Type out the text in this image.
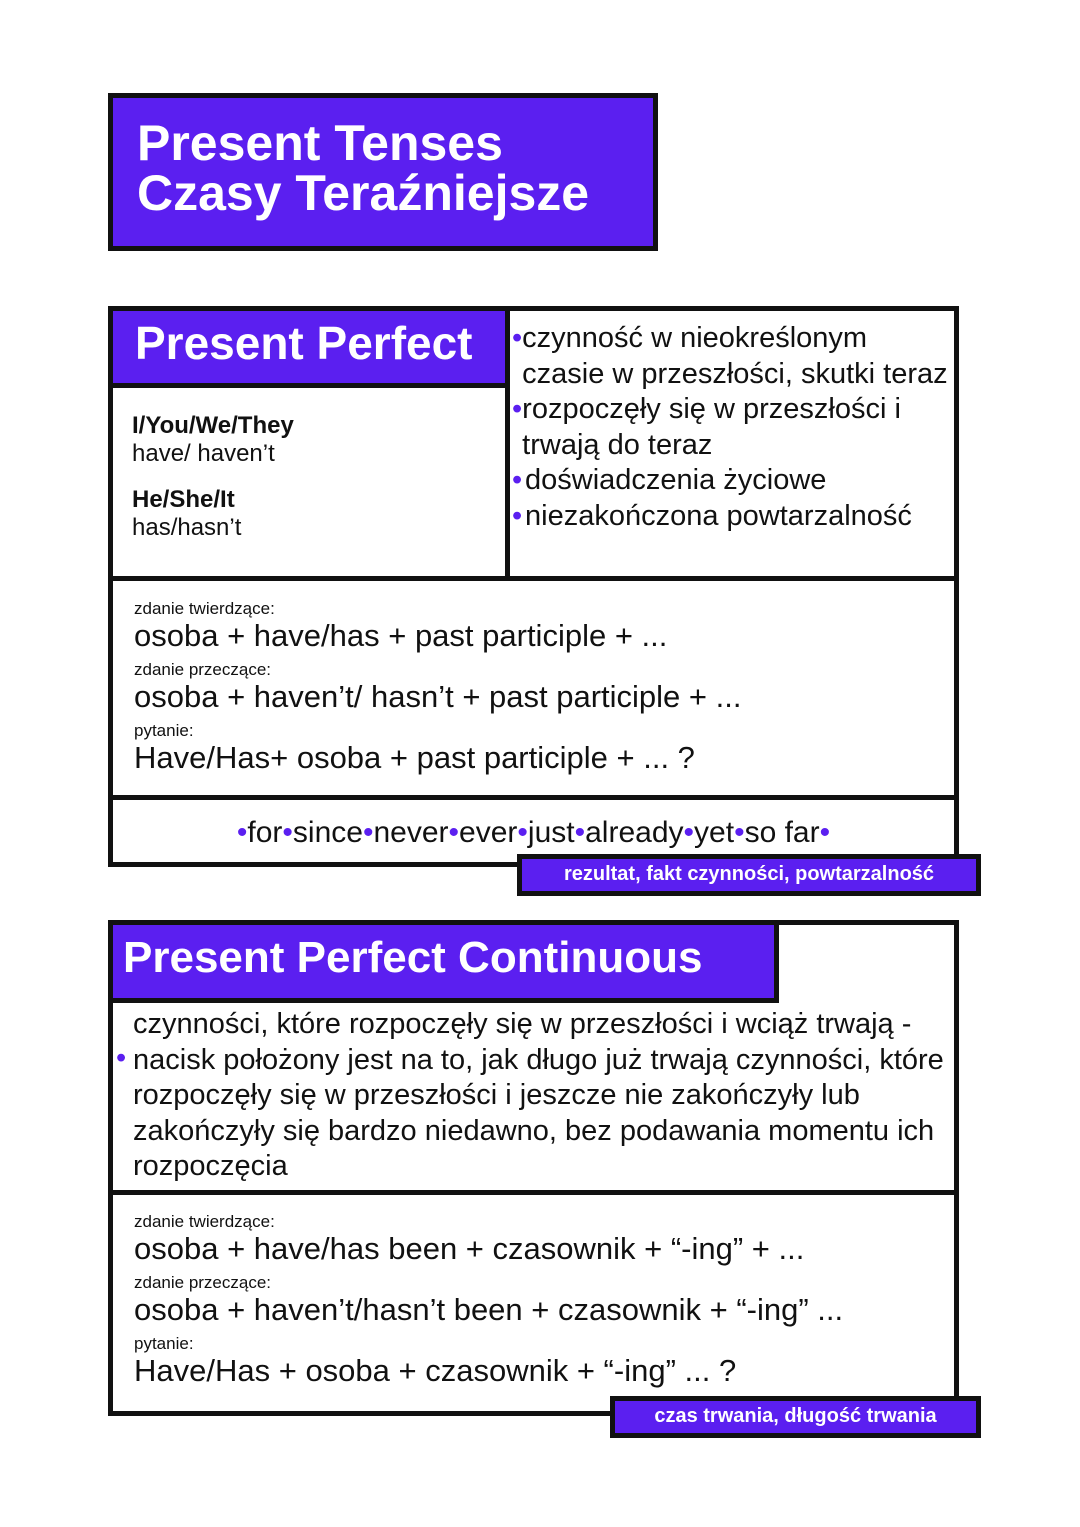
Present Tenses
Czasy Teraźniejsze
Present Perfect
I/You/We/They
have/ haven’t
He/She/It
has/hasn’t
• czynność w nieokreślonym czasie w przeszłości, skutki teraz
• rozpoczęły się w przeszłości i trwają do teraz
• doświadczenia życiowe
• niezakończona powtarzalność
zdanie twierdzące:
osoba + have/has + past participle + ...
zdanie przeczące:
osoba + haven’t/ hasn’t + past participle + ...
pytanie:
Have/Has+ osoba + past participle + ... ?
•for•since•never•ever•just•already•yet•so far•
rezultat, fakt czynności, powtarzalność
Present Perfect Continuous
•
czynności, które rozpoczęły się w przeszłości i wciąż trwają - nacisk położony jest na to, jak długo już trwają czynności, które rozpoczęły się w przeszłości i jeszcze nie zakończyły lub zakończyły się bardzo niedawno, bez podawania momentu ich rozpoczęcia
zdanie twierdzące:
osoba + have/has been + czasownik + “-ing” + ...
zdanie przeczące:
osoba + haven’t/hasn’t been + czasownik + “-ing” ...
pytanie:
Have/Has + osoba + czasownik + “-ing” ... ?
czas trwania, długość trwania
